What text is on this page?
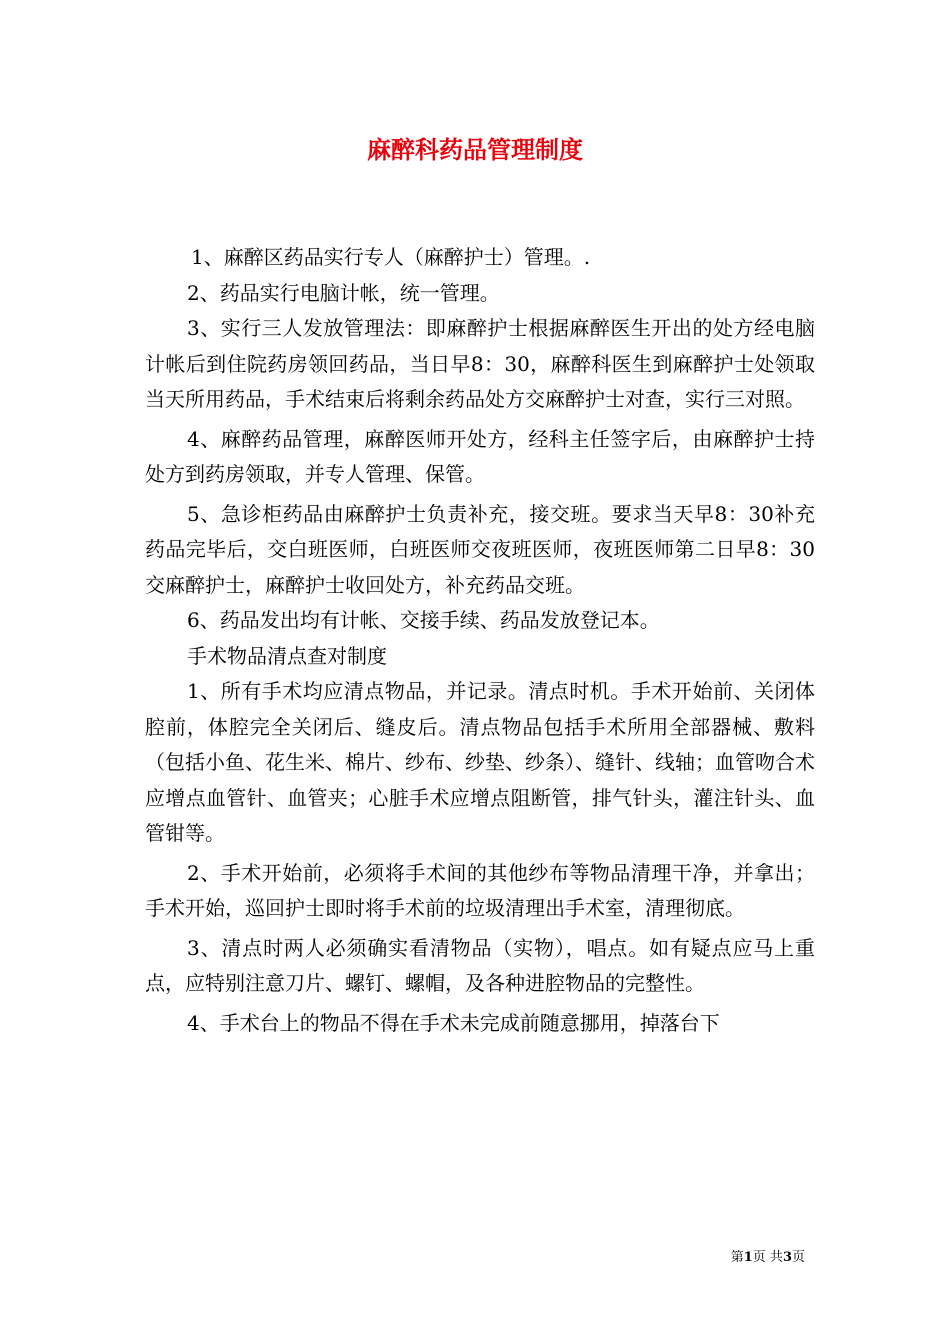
麻醉科药品管理制度

1、麻醉区药品实行专人（麻醉护士）管理。.

2、药品实行电脑计帐，统一管理。

3、实行三人发放管理法：即麻醉护士根据麻醉医生开出的处方经电脑计帐后到住院药房领回药品，当日早8：30，麻醉科医生到麻醉护士处领取当天所用药品，手术结束后将剩余药品处方交麻醉护士对查，实行三对照。

4、麻醉药品管理，麻醉医师开处方，经科主任签字后，由麻醉护士持处方到药房领取，并专人管理、保管。

5、急诊柜药品由麻醉护士负责补充，接交班。要求当天早8：30补充药品完毕后，交白班医师，白班医师交夜班医师，夜班医师第二日早8：30交麻醉护士，麻醉护士收回处方，补充药品交班。

6、药品发出均有计帐、交接手续、药品发放登记本。

手术物品清点查对制度

1、所有手术均应清点物品，并记录。清点时机。手术开始前、关闭体腔前，体腔完全关闭后、缝皮后。清点物品包括手术所用全部器械、敷料（包括小鱼、花生米、棉片、纱布、纱垫、纱条）、缝针、线轴；血管吻合术应增点血管针、血管夹；心脏手术应增点阻断管，排气针头，灌注针头、血管钳等。

2、手术开始前，必须将手术间的其他纱布等物品清理干净，并拿出；手术开始，巡回护士即时将手术前的垃圾清理出手术室，清理彻底。

3、清点时两人必须确实看清物品（实物），唱点。如有疑点应马上重点，应特别注意刀片、螺钉、螺帽，及各种进腔物品的完整性。

4、手术台上的物品不得在手术未完成前随意挪用，掉落台下

第1页 共3页
